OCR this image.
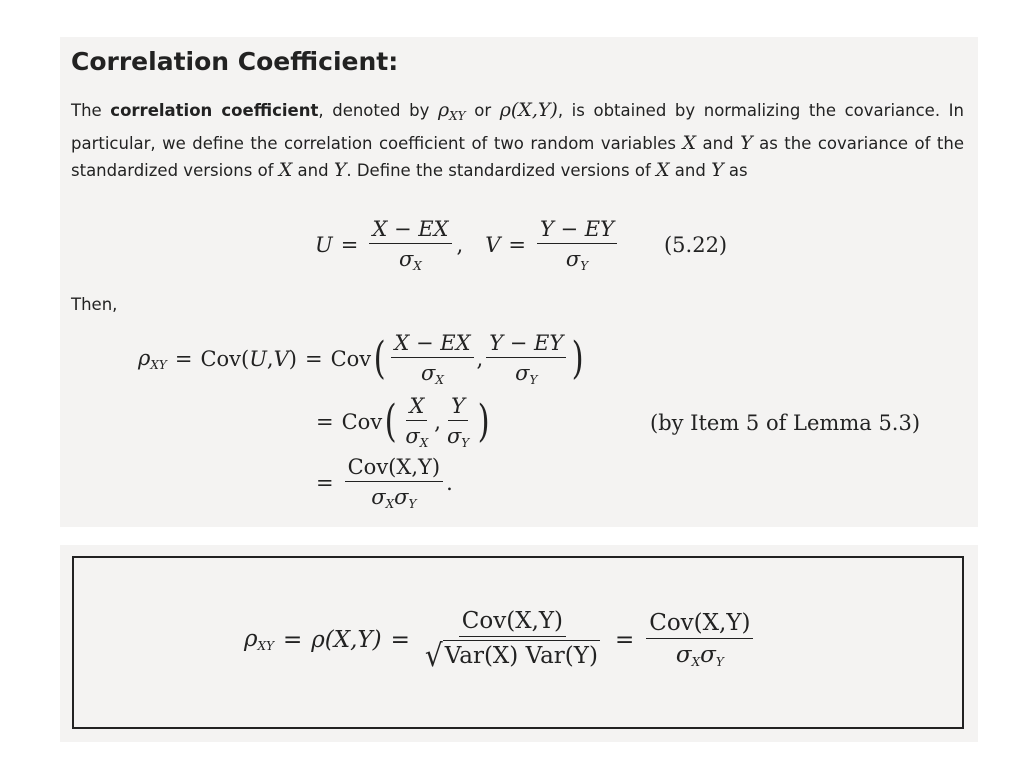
Correlation Coefficient:

The correlation coefficient, denoted by $\rho_{XY}$ or ρ(X,Y), is obtained by normalizing the covariance. In particular, we define the correlation coefficient of two random variables X and Y as the covariance of the standardized versions of X and Y. Define the standardized versions of X and Y as

$U = \frac{X - EX}{\sigma_X}$ , $V = \frac{Y - EY}{\sigma_Y} (5.22)$
Then,
$\rho_{XY} = Cov(U,V)$ = Cov ( $\frac{X - EX}{\sigma_X}$ , $\frac{Y - EY}{\sigma_Y}$ )
= Cov ( $\frac{X}{\sigma_X}$ , $\frac{Y}{\sigma_Y}$ )	(by Item 5 of Lemma 5.3)
= $\frac{\text{Cov(X,Y)}}{\sigma_X\sigma_Y}$ .
$\rho_{XY} = \rho(X,Y) = \frac{\text{Cov(X,Y)}}{\text{√ Var(X) Var(Y)}} = \frac{\text{Cov(X,Y)}}{\sigma_X\sigma_Y}$
